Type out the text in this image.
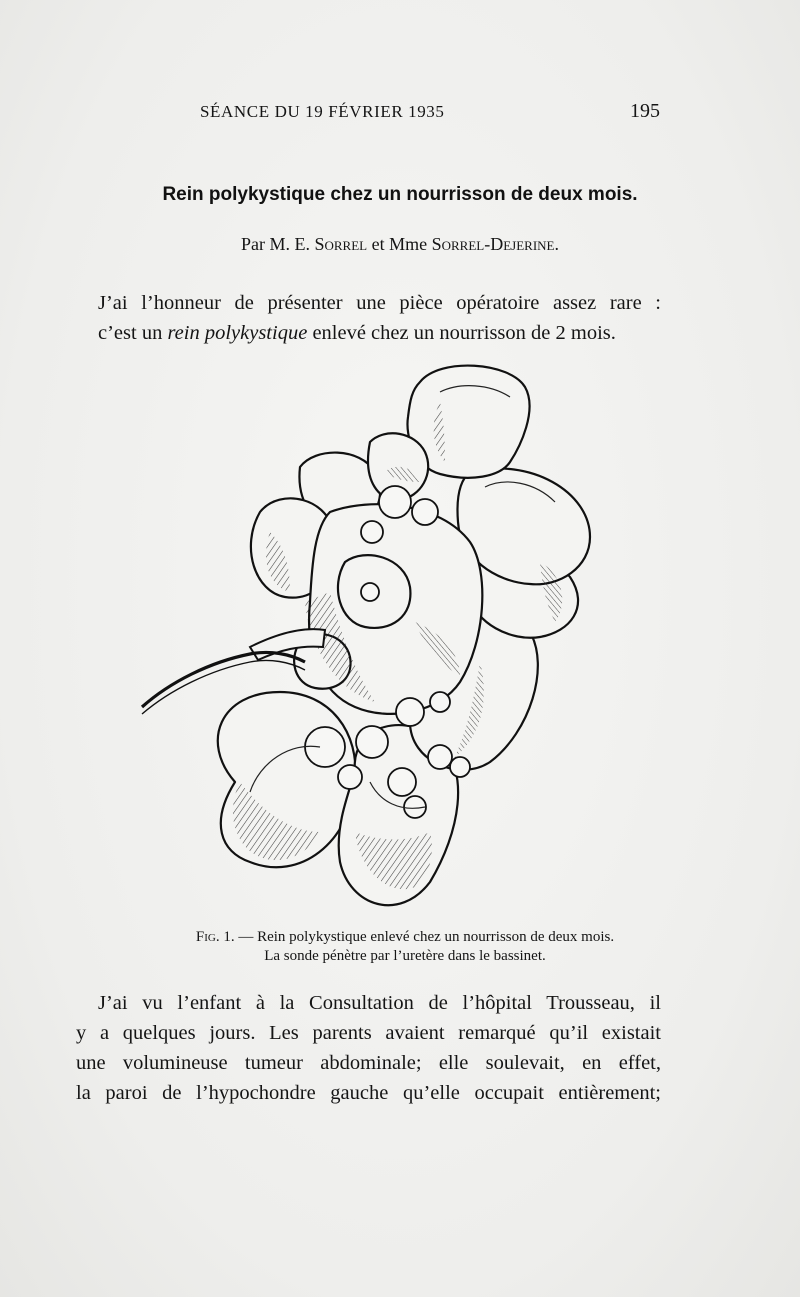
SÉANCE DU 19 FÉVRIER 1935	195
Rein polykystique chez un nourrisson de deux mois.
Par M. E. Sorrel et Mme Sorrel-Dejerine.
J’ai l’honneur de présenter une pièce opératoire assez rare :
c’est un rein polykystique enlevé chez un nourrisson de 2 mois.
Fig. 1. — Rein polykystique enlevé chez un nourrisson de deux mois.
La sonde pénètre par l’uretère dans le bassinet.
J’ai vu l’enfant à la Consultation de l’hôpital Trousseau, il
y a quelques jours. Les parents avaient remarqué qu’il existait
une volumineuse tumeur abdominale; elle soulevait, en effet,
la paroi de l’hypochondre gauche qu’elle occupait entièrement;
